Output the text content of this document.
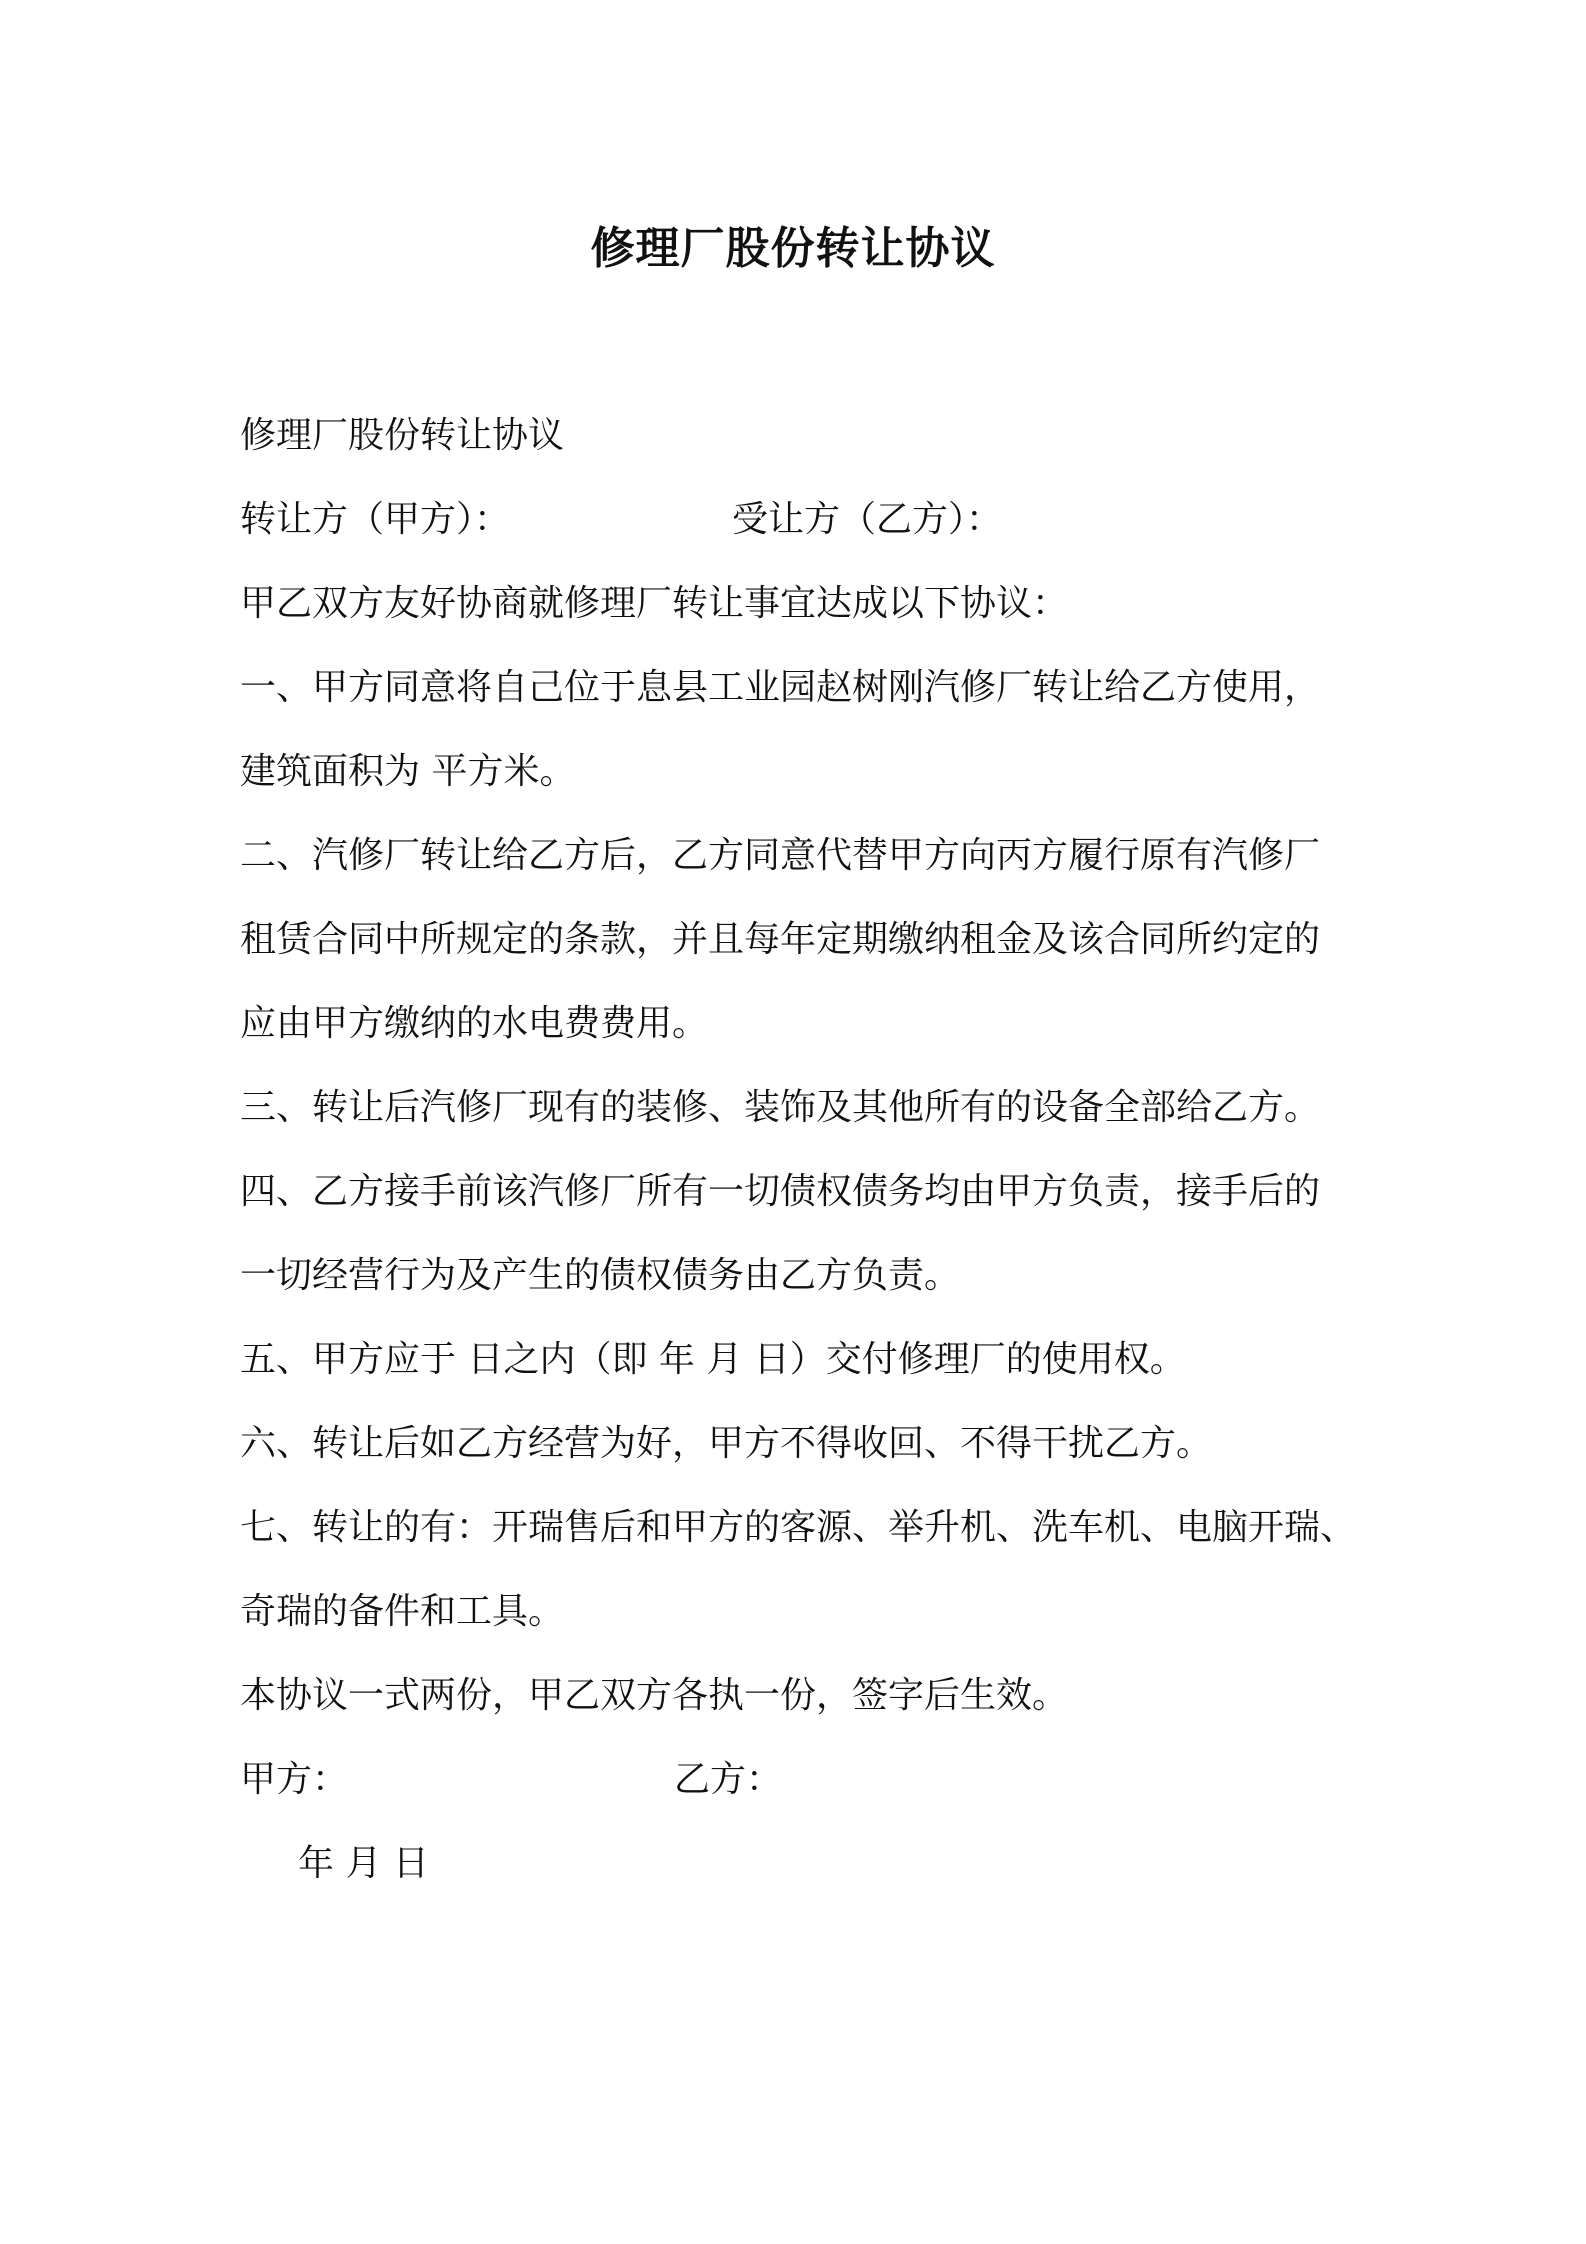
修理厂股份转让协议
修理厂股份转让协议
转让方（甲方）：	受让方（乙方）：
甲乙双方友好协商就修理厂转让事宜达成以下协议：
一、甲方同意将自己位于息县工业园赵树刚汽修厂转让给乙方使用，
建筑面积为 平方米。
二、汽修厂转让给乙方后，乙方同意代替甲方向丙方履行原有汽修厂
租赁合同中所规定的条款，并且每年定期缴纳租金及该合同所约定的
应由甲方缴纳的水电费费用。
三、转让后汽修厂现有的装修、装饰及其他所有的设备全部给乙方。
四、乙方接手前该汽修厂所有一切债权债务均由甲方负责，接手后的
一切经营行为及产生的债权债务由乙方负责。
五、甲方应于 日之内（即 年 月 日）交付修理厂的使用权。
六、转让后如乙方经营为好，甲方不得收回、不得干扰乙方。
七、转让的有：开瑞售后和甲方的客源、举升机、洗车机、电脑开瑞、
奇瑞的备件和工具。
本协议一式两份，甲乙双方各执一份，签字后生效。
甲方：	乙方：
年 月 日
